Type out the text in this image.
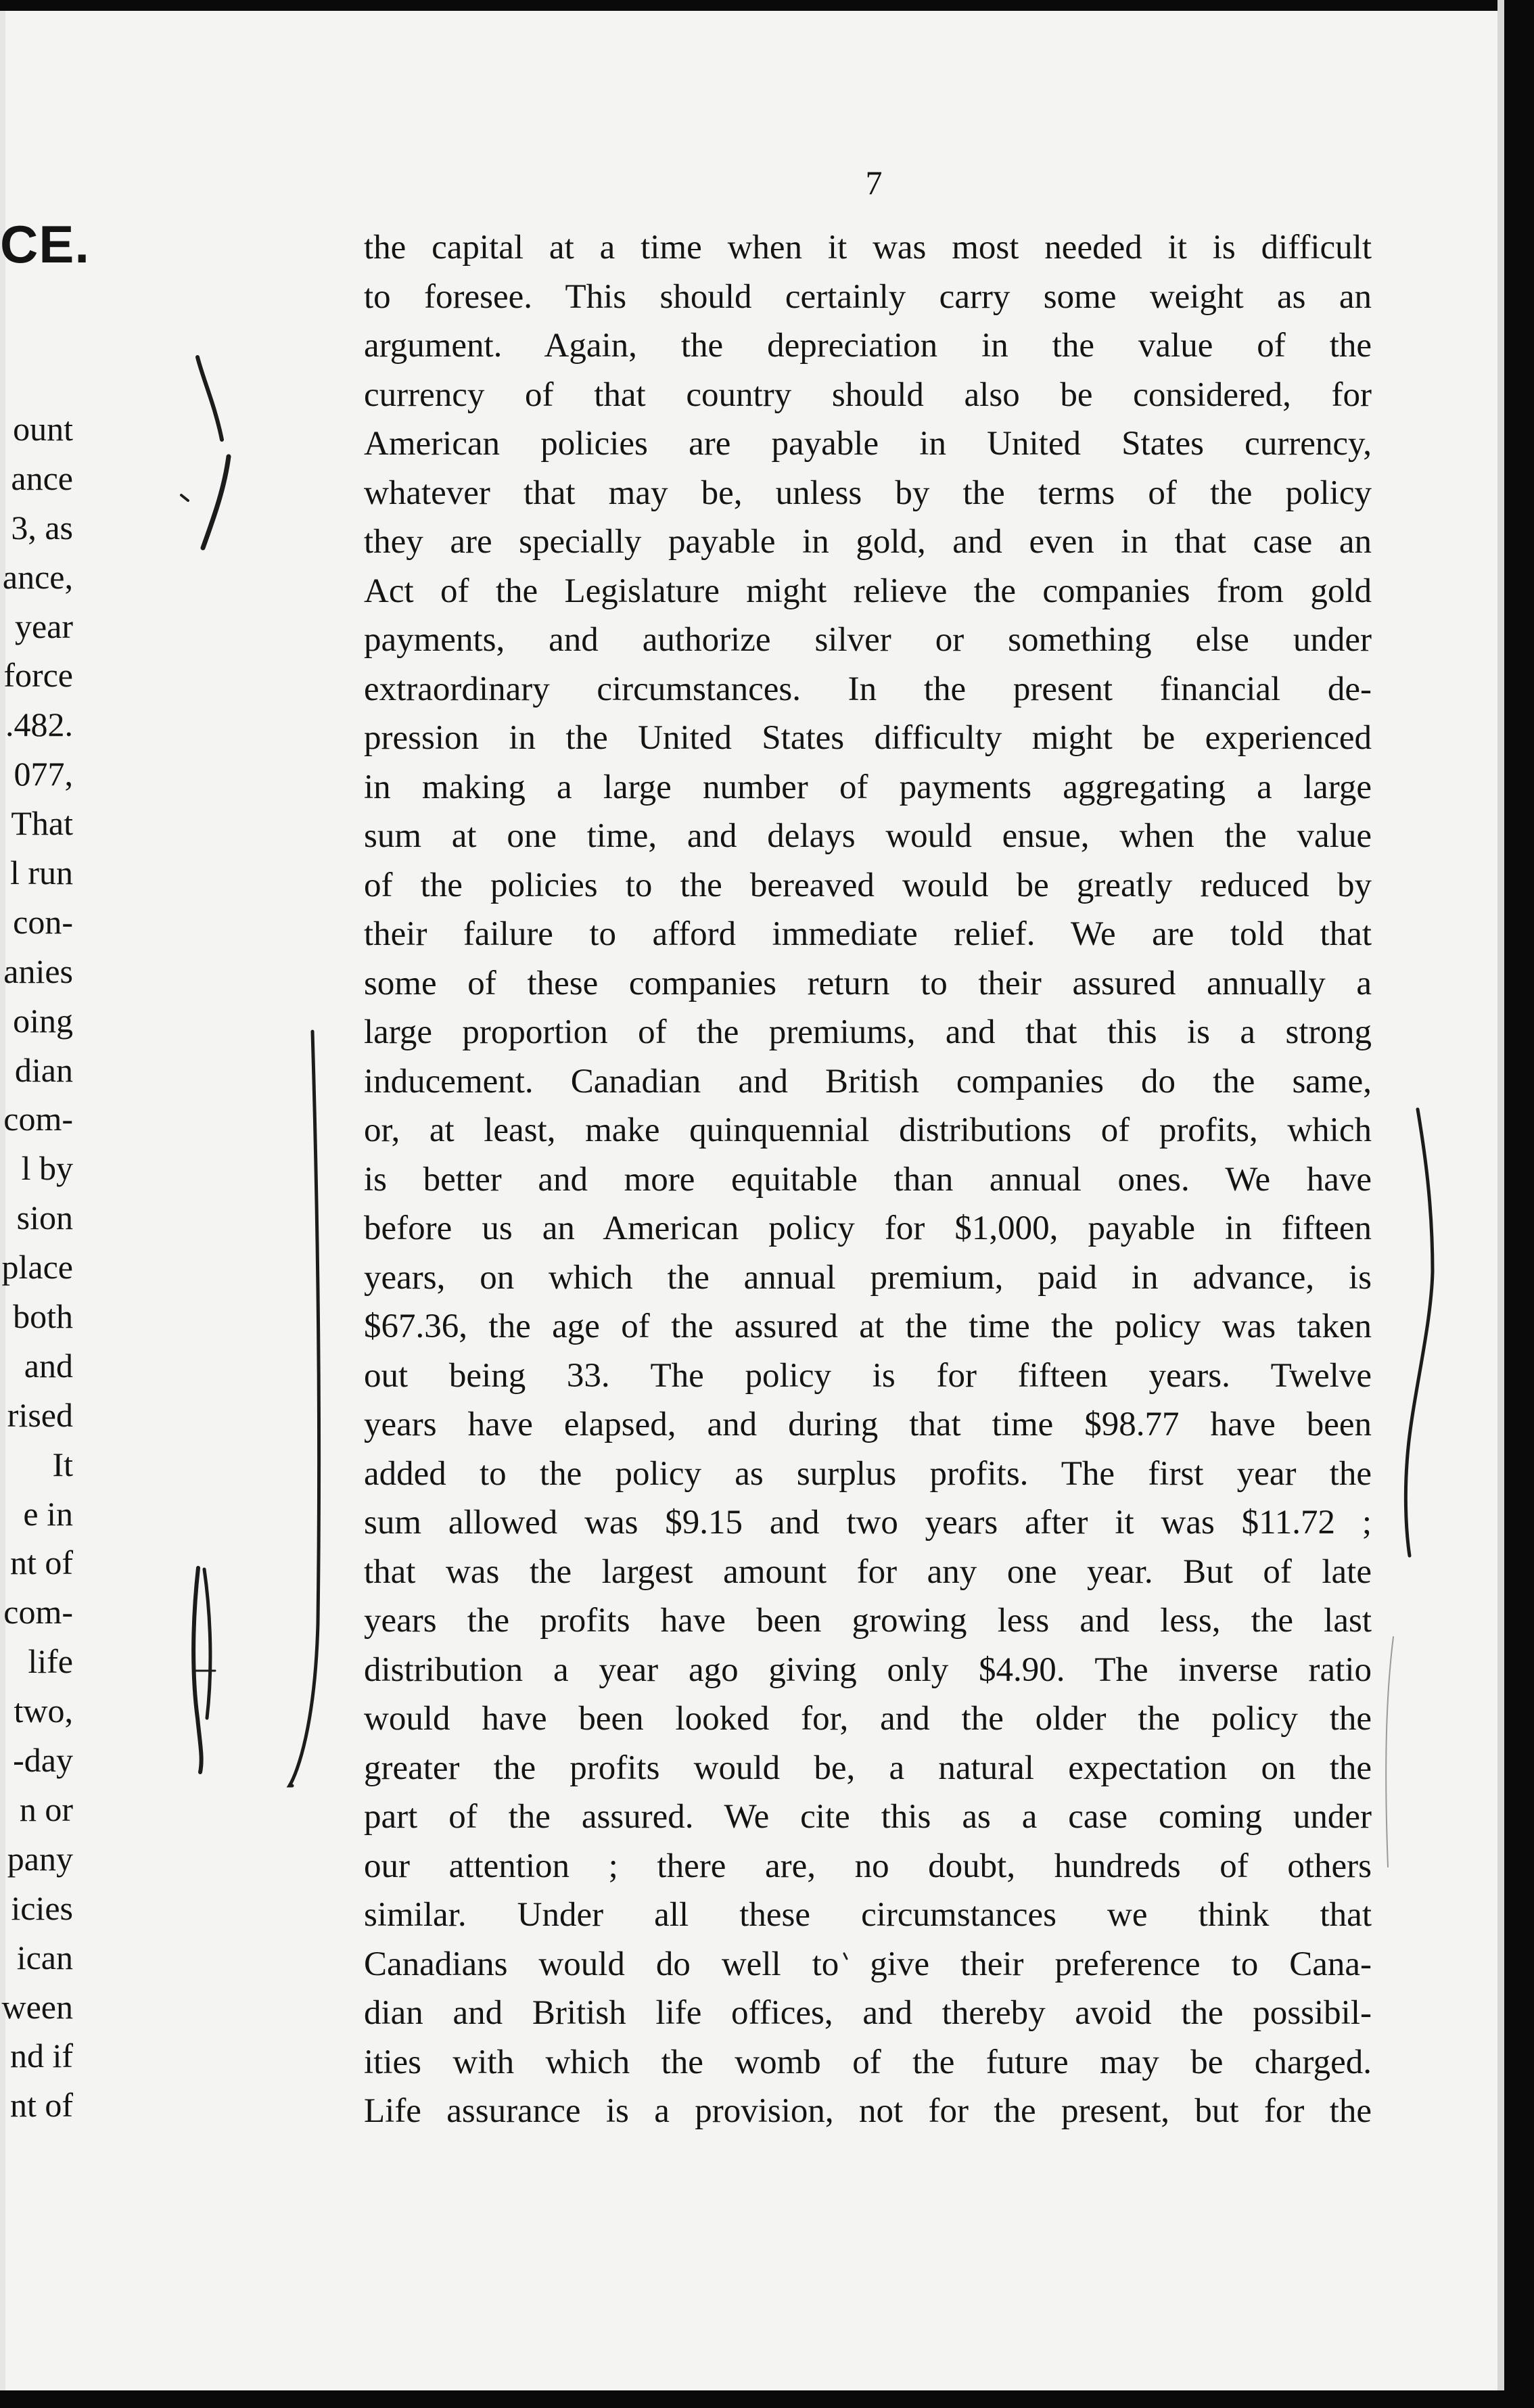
7

CE.

ount
ance
3, as
ance,
year
force
.482.
077,
That
l run
con-
anies
oing
dian
com-
l by
sion
place
both
and
rised
It
e in
nt of
com-
life
two,
-day
n or
pany
icies
ican
ween
nd if
nt of
the capital at a time when it was most needed it is difficult
to foresee. This should certainly carry some weight as an
argument. Again, the depreciation in the value of the
currency of that country should also be considered, for
American policies are payable in United States currency,
whatever that may be, unless by the terms of the policy
they are specially payable in gold, and even in that case an
Act of the Legislature might relieve the companies from gold
payments, and authorize silver or something else under
extraordinary circumstances. In the present financial de-
pression in the United States difficulty might be experienced
in making a large number of payments aggregating a large
sum at one time, and delays would ensue, when the value
of the policies to the bereaved would be greatly reduced by
their failure to afford immediate relief. We are told that
some of these companies return to their assured annually a
large proportion of the premiums, and that this is a strong
inducement. Canadian and British companies do the same,
or, at least, make quinquennial distributions of profits, which
is better and more equitable than annual ones. We have
before us an American policy for $1,000, payable in fifteen
years, on which the annual premium, paid in advance, is
$67.36, the age of the assured at the time the policy was taken
out being 33. The policy is for fifteen years. Twelve
years have elapsed, and during that time $98.77 have been
added to the policy as surplus profits. The first year the
sum allowed was $9.15 and two years after it was $11.72 ;
that was the largest amount for any one year. But of late
years the profits have been growing less and less, the last
distribution a year ago giving only $4.90. The inverse ratio
would have been looked for, and the older the policy the
greater the profits would be, a natural expectation on the
part of the assured. We cite this as a case coming under
our attention ; there are, no doubt, hundreds of others
similar. Under all these circumstances we think that
Canadians would do well to give their preference to Cana-
dian and British life offices, and thereby avoid the possibil-
ities with which the womb of the future may be charged.
Life assurance is a provision, not for the present, but for the
